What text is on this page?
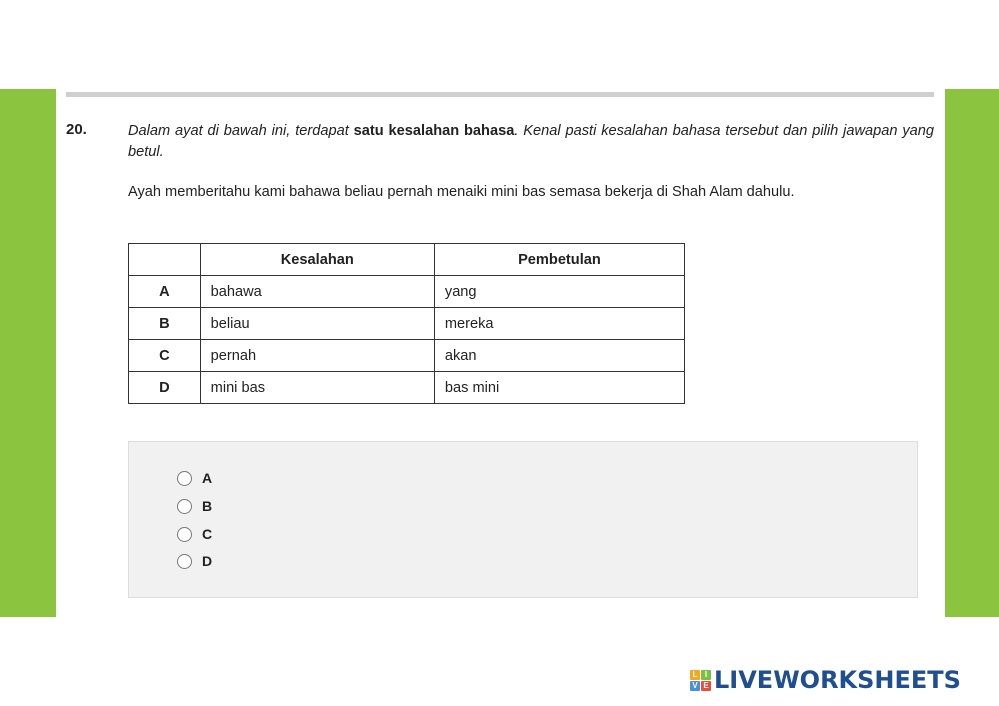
20.	Dalam ayat di bawah ini, terdapat satu kesalahan bahasa. Kenal pasti kesalahan bahasa tersebut dan pilih jawapan yang betul.
Ayah memberitahu kami bahawa beliau pernah menaiki mini bas semasa bekerja di Shah Alam dahulu.
	Kesalahan	Pembetulan
A	bahawa	yang
B	beliau	mereka
C	pernah	akan
D	mini bas	bas mini
A
B
C
D
L I
V E LIVEWORKSHEETS
